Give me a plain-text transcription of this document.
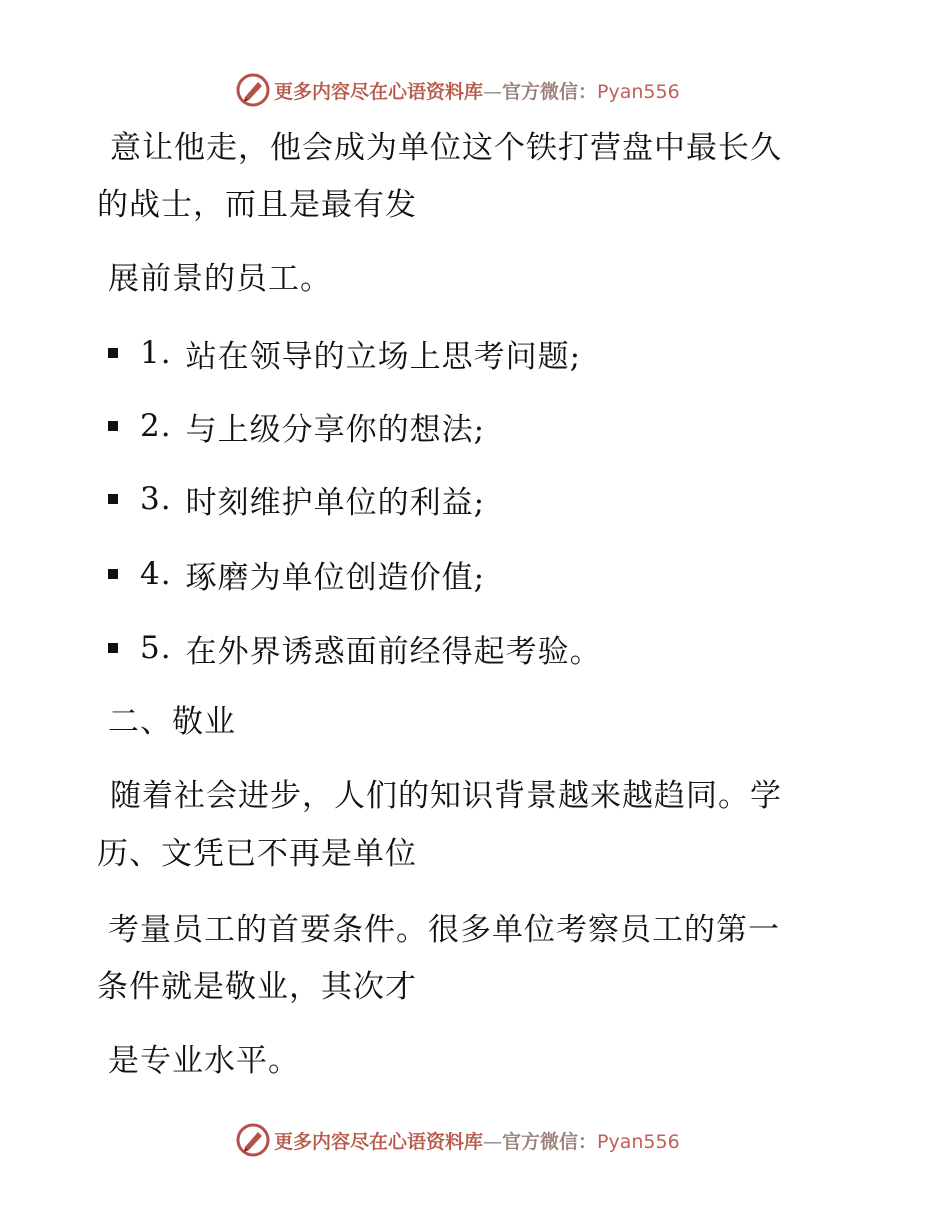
更多内容尽在心语资料库—官方微信：Pyan556
意让他走，他会成为单位这个铁打营盘中最长久
的战士，而且是最有发
展前景的员工。
1. 站在领导的立场上思考问题;
2. 与上级分享你的想法;
3. 时刻维护单位的利益;
4. 琢磨为单位创造价值;
5. 在外界诱惑面前经得起考验。
二、敬业
随着社会进步，人们的知识背景越来越趋同。学
历、文凭已不再是单位
考量员工的首要条件。很多单位考察员工的第一
条件就是敬业，其次才
是专业水平。
更多内容尽在心语资料库—官方微信：Pyan556
